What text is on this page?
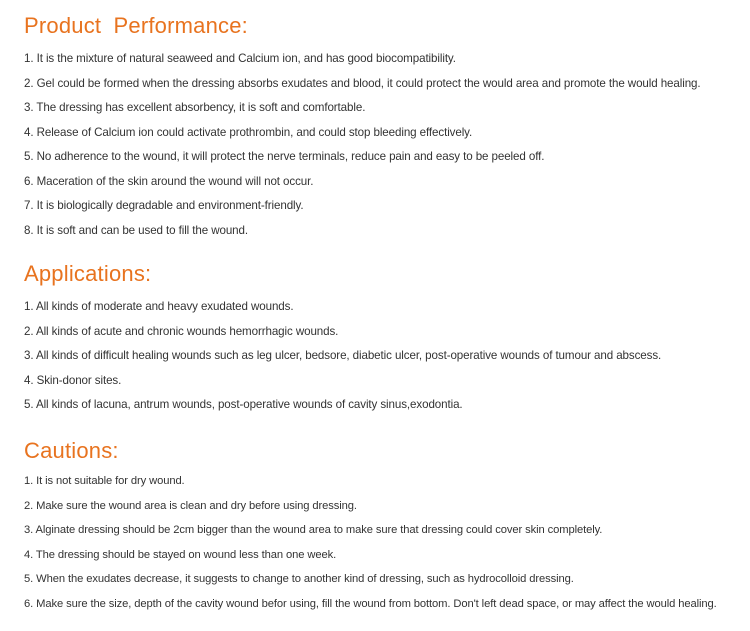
Product Performance:
1. It is the mixture of natural seaweed and Calcium ion, and has good biocompatibility.
2. Gel could be formed when the dressing absorbs exudates and blood, it could protect the would area and promote the would healing.
3. The dressing has excellent absorbency, it is soft and comfortable.
4. Release of Calcium ion could activate prothrombin, and could stop bleeding effectively.
5. No adherence to the wound, it will protect the nerve terminals, reduce pain and easy to be peeled off.
6. Maceration of the skin around the wound will not occur.
7. It is biologically degradable and environment-friendly.
8. It is soft and can be used to fill the wound.
Applications:
1. All kinds of moderate and heavy exudated wounds.
2. All kinds of acute and chronic wounds hemorrhagic wounds.
3. All kinds of difficult healing wounds such as leg ulcer, bedsore, diabetic ulcer, post-operative wounds of tumour and abscess.
4. Skin-donor sites.
5. All kinds of lacuna, antrum wounds, post-operative wounds of cavity sinus,exodontia.
Cautions:
1. It is not suitable for dry wound.
2. Make sure the wound area is clean and dry before using dressing.
3. Alginate dressing should be 2cm bigger than the wound area to make sure that dressing could cover skin completely.
4. The dressing should be stayed on wound less than one week.
5. When the exudates decrease, it suggests to change to another kind of dressing, such as hydrocolloid dressing.
6. Make sure the size, depth of the cavity wound befor using, fill the wound from bottom. Don't left dead space, or may affect the would healing.
